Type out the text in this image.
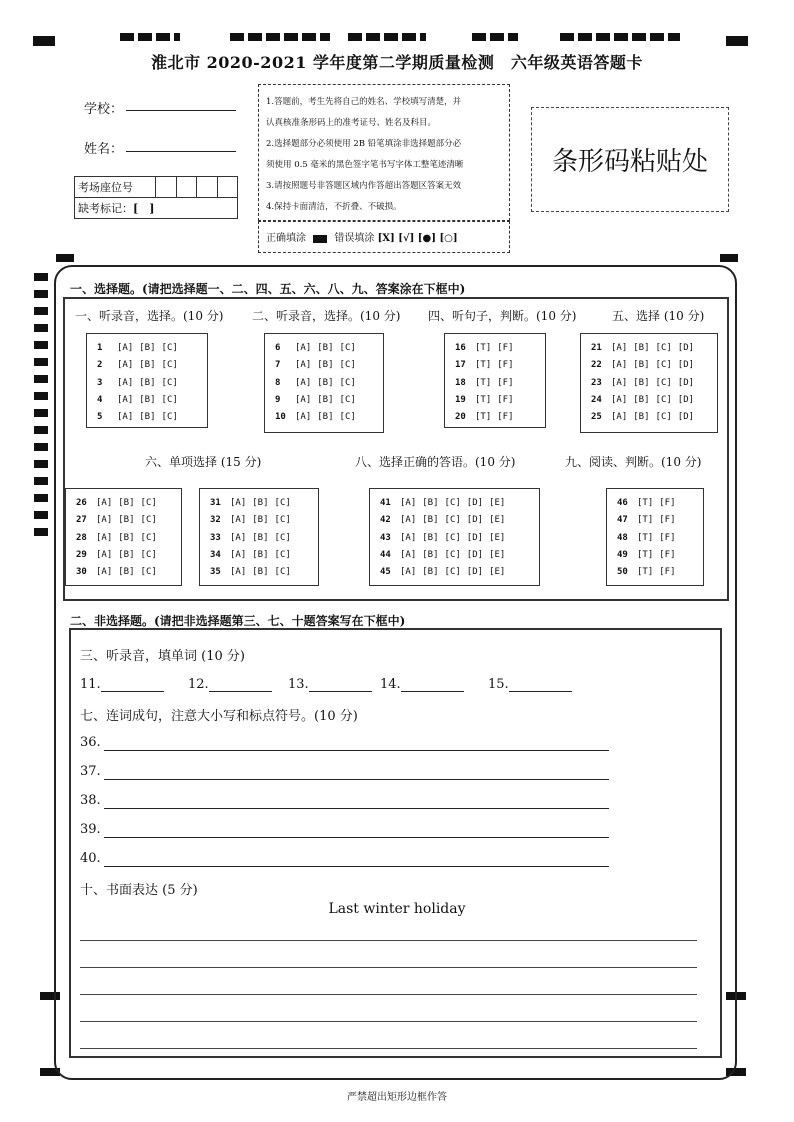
淮北市 2020-2021 学年度第二学期质量检测　六年级英语答题卡
学校：
姓名：
考场座位号				
缺考标记：[　]
1.答题前，考生先将自己的姓名、学校填写清楚，并
认真核准条形码上的准考证号、姓名及科目。
2.选择题部分必须使用 2B 铅笔填涂非选择题部分必
须使用 0.5 毫米的黑色签字笔书写字体工整笔迹清晰
3.请按照题号非答题区域内作答超出答题区答案无效
4.保持卡面清洁，不折叠、不破损。
正确填涂	错误填涂 [X] [√] [●] [○]
条形码粘贴处
一、选择题。(请把选择题一、二、四、五、六、八、九、答案涂在下框中)
一、听录音，选择。(10 分) 二、听录音，选择。(10 分) 四、听句子，判断。(10 分)	五、选择 (10 分)
六、单项选择 (15 分)	八、选择正确的答语。(10 分)	九、阅读、判断。(10 分)
1 [A] [B] [C]
2 [A] [B] [C]
3 [A] [B] [C]
4 [A] [B] [C]
5 [A] [B] [C]
6 [A] [B] [C]
7 [A] [B] [C]
8 [A] [B] [C]
9 [A] [B] [C]
10 [A] [B] [C]
16 [T] [F]
17 [T] [F]
18 [T] [F]
19 [T] [F]
20 [T] [F]
21 [A] [B] [C] [D]
22 [A] [B] [C] [D]
23 [A] [B] [C] [D]
24 [A] [B] [C] [D]
25 [A] [B] [C] [D]
26 [A] [B] [C]
27 [A] [B] [C]
28 [A] [B] [C]
29 [A] [B] [C]
30 [A] [B] [C]
31 [A] [B] [C]
32 [A] [B] [C]
33 [A] [B] [C]
34 [A] [B] [C]
35 [A] [B] [C]
41 [A] [B] [C] [D] [E]
42 [A] [B] [C] [D] [E]
43 [A] [B] [C] [D] [E]
44 [A] [B] [C] [D] [E]
45 [A] [B] [C] [D] [E]
46 [T] [F]
47 [T] [F]
48 [T] [F]
49 [T] [F]
50 [T] [F]
二、非选择题。(请把非选择题第三、七、十题答案写在下框中)
三、听录音，填单词 (10 分)
11.	12.	13.	14.	15.
七、连词成句，注意大小写和标点符号。(10 分)
36.
37.
38.
39.
40.
十、书面表达 (5 分)
Last winter holiday
严禁超出矩形边框作答
